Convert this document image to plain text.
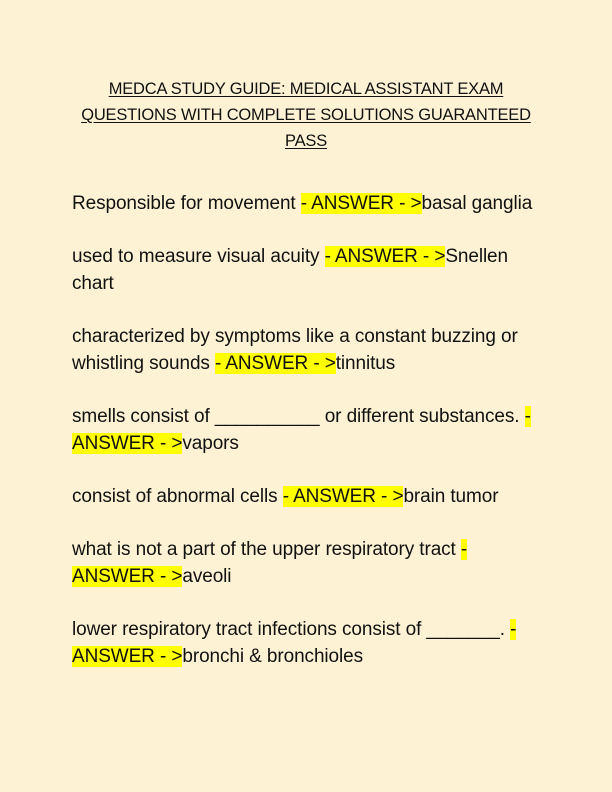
MEDCA STUDY GUIDE: MEDICAL ASSISTANT EXAM QUESTIONS WITH COMPLETE SOLUTIONS GUARANTEED PASS
Responsible for movement - ANSWER - >basal ganglia
used to measure visual acuity - ANSWER - >Snellen chart
characterized by symptoms like a constant buzzing or whistling sounds - ANSWER - >tinnitus
smells consist of __________ or different substances. - ANSWER - >vapors
consist of abnormal cells - ANSWER - >brain tumor
what is not a part of the upper respiratory tract - ANSWER - >aveoli
lower respiratory tract infections consist of _______. - ANSWER - >bronchi & bronchioles
